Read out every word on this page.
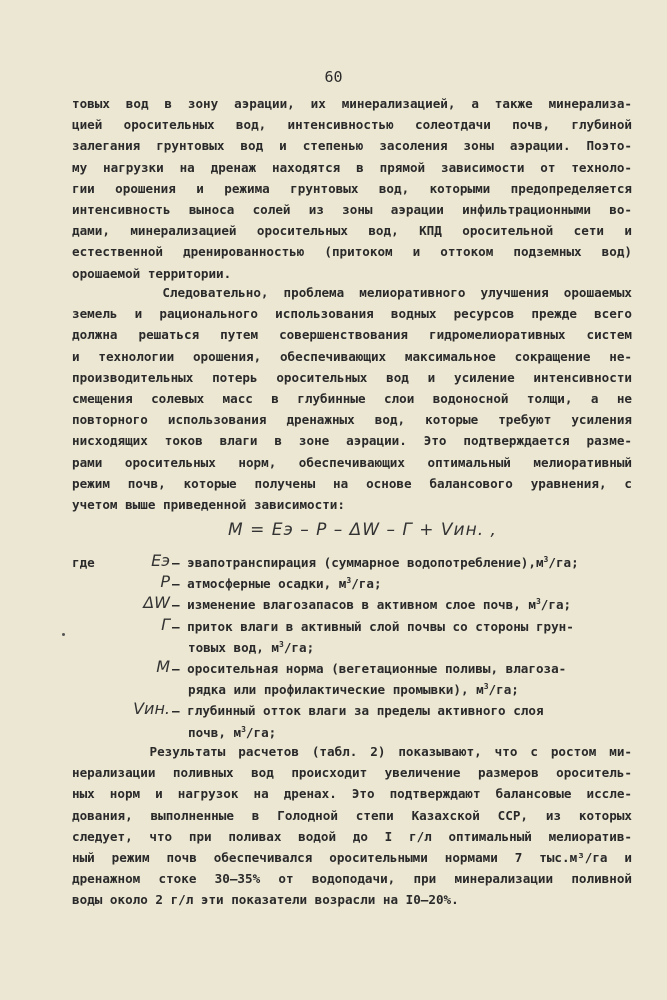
60
товых вод в зону аэрации, их минерализацией, а также минерализа-
цией оросительных вод, интенсивностью солеотдачи почв, глубиной
залегания грунтовых вод и степенью засоления зоны аэрации. Поэто-
му нагрузки на дренаж находятся в прямой зависимости от техноло-
гии орошения и режима грунтовых вод, которыми предопределяется
интенсивность выноса солей из зоны аэрации инфильтрационными во-
дами, минерализацией оросительных вод, КПД оросительной сети и
естественной дренированностью (притоком и оттоком подземных вод)
орошаемой территории.
Следовательно, проблема мелиоративного улучшения орошаемых
земель и рационального использования водных ресурсов прежде всего
должна решаться путем совершенствования гидромелиоративных систем
и технологии орошения, обеспечивающих максимальное сокращение не-
производительных потерь оросительных вод и усиление интенсивности
смещения солевых масс в глубинные слои водоносной толщи, а не
повторного использования дренажных вод, которые требуют усиления
нисходящих токов влаги в зоне аэрации. Это подтверждается разме-
рами оросительных норм, обеспечивающих оптимальный мелиоративный
режим почв, которые получены на основе балансового уравнения, с
учетом выше приведенной зависимости:
M = Eэ – P – ΔW – Г + Vин. ,
где	Eэ – эвапотранспирация (суммарное $водопотребление),м^3/га$;
P – атмосферные осадки, $м^3/га$;
ΔW – изменение влагозапасов в активном слое почв, $м^3/га$;
Г – приток влаги в активный слой почвы со стороны грун-
товых вод, $м^3/га$;
M – оросительная норма (вегетационные поливы, влагоза-
рядка или профилактические промывки), $м^3/га$;
Vин. – глубинный отток влаги за пределы активного слоя
почв, $м^3/га$;
Результаты расчетов (табл. 2) показывают, что с ростом ми-
нерализации поливных вод происходит увеличение размеров ороситель-
ных норм и нагрузок на дренах. Это подтверждают балансовые иссле-
дования, выполненные в Голодной степи Казахской ССР, из которых
следует, что при поливах водой до I г/л оптимальный мелиоратив-
ный режим почв обеспечивался оросительными нормами 7 тыс.м³/га и
дренажном стоке 30–35% от водоподачи, при минерализации поливной
воды около 2 г/л эти показатели возрасли на I0–20%.
